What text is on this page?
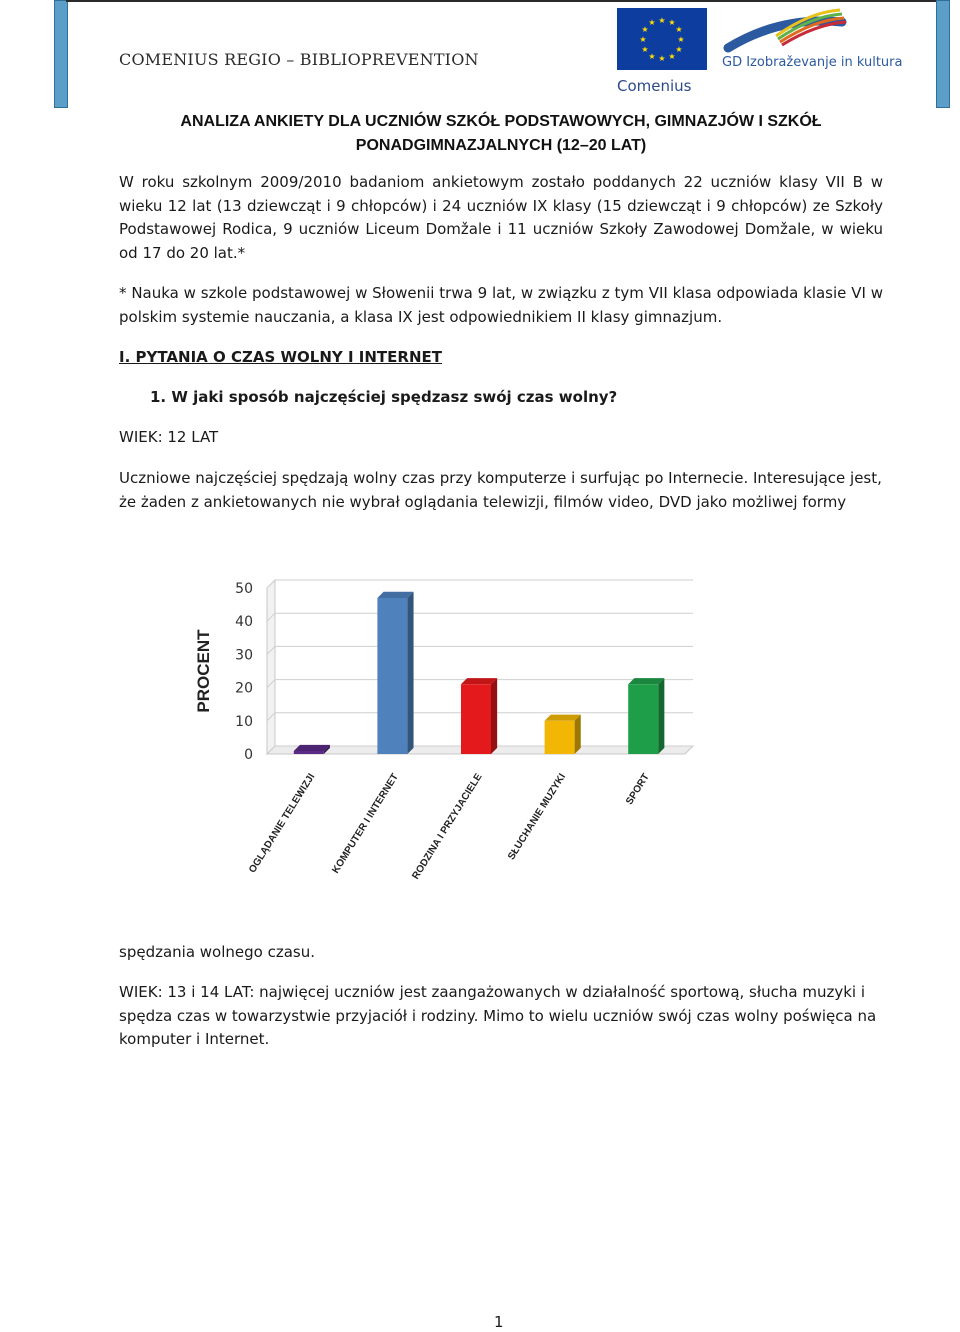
COMENIUS REGIO – BIBLIOPREVENTION
★ ★
★
★
★
★
★
★
★
★
★
★
Comenius
GD Izobraževanje in kultura
ANALIZA ANKIETY DLA UCZNIÓW SZKÓŁ PODSTAWOWYCH, GIMNAZJÓW I SZKÓŁ
PONADGIMNAZJALNYCH (12–20 LAT)
W roku szkolnym 2009/2010 badaniom ankietowym zostało poddanych 22 uczniów klasy VII B w wieku 12 lat (13 dziewcząt i 9 chłopców) i 24 uczniów IX klasy (15 dziewcząt i 9 chłopców) ze Szkoły Podstawowej Rodica, 9 uczniów Liceum Domžale i 11 uczniów Szkoły Zawodowej Domžale, w wieku od 17 do 20 lat.*
* Nauka w szkole podstawowej w Słowenii trwa 9 lat, w związku z tym VII klasa odpowiada klasie VI w polskim systemie nauczania, a klasa IX jest odpowiednikiem II klasy gimnazjum.
I. PYTANIA O CZAS WOLNY I INTERNET
1. W jaki sposób najczęściej spędzasz swój czas wolny?
WIEK: 12 LAT
Uczniowe najczęściej spędzają wolny czas przy komputerze i surfując po Internecie. Interesujące jest, że żaden z ankietowanych nie wybrał oglądania telewizji, filmów video, DVD jako możliwej formy
0
10
20
30
40
50
PROCENT
OGLĄDANIE TELEWIZJI KOMPUTER I INTERNET RODZINA I PRZYJACIELE SŁUCHANIE MUZYKI	SPORT
spędzania wolnego czasu.
WIEK: 13 i 14 LAT: najwięcej uczniów jest zaangażowanych w działalność sportową, słucha muzyki i spędza czas w towarzystwie przyjaciół i rodziny. Mimo to wielu uczniów swój czas wolny poświęca na komputer i Internet.
1
